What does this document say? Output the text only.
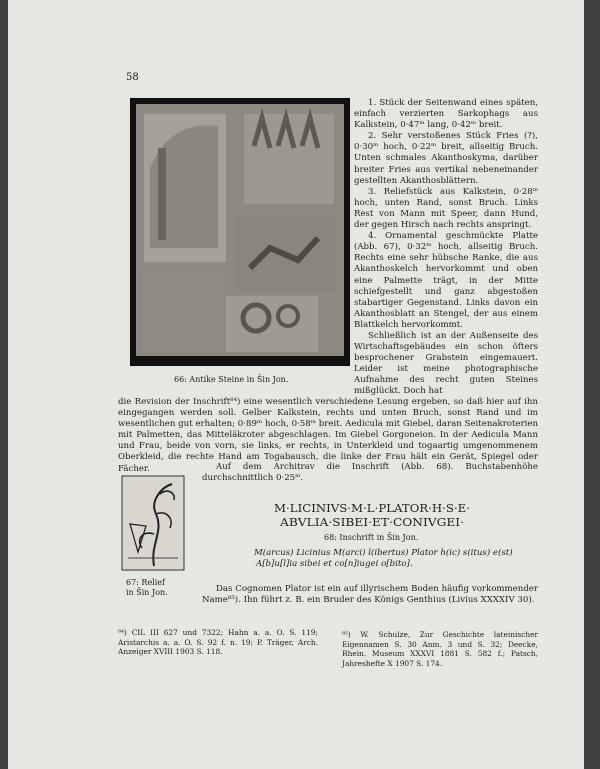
58
66: Antike Steine in Šin Jon.

1. Stück der Seitenwand eines späten, einfach verzierten Sarkophags aus Kalkstein, 0·47ᵐ lang, 0·42ᵐ breit.

2. Sehr verstoßenes Stück Fries (?), 0·30ᵐ hoch, 0·22ᵐ breit, allseitig Bruch. Unten schmales Akanthoskyma, darüber breiter Fries aus vertikal nebeneinander gestellten Akanthosblättern.

3. Reliefstück aus Kalkstein, 0·28ᵐ hoch, unten Rand, sonst Bruch. Links Rest von Mann mit Speer, dann Hund, der gegen Hirsch nach rechts anspringt.

4. Ornamental geschmückte Platte (Abb. 67), 0·32ᵐ hoch, allseitig Bruch. Rechts eine sehr hübsche Ranke, die aus Akanthoskelch hervorkommt und oben eine Palmette trägt, in der Mitte schiefgestellt und ganz abgestoßen stabartiger Gegenstand. Links davon ein Akanthosblatt an Stengel, der aus einem Blattkelch hervorkommt.

Schließlich ist an der Außenseite des Wirtschaftsgebäudes ein schon öfters besprochener Grabstein eingemauert. Leider ist meine photographische Aufnahme des recht guten Steines mißglückt. Doch hat

die Revision der Inschrift⁸⁴) eine wesentlich verschiedene Lesung ergeben, so daß hier auf ihn eingegangen werden soll. Gelber Kalkstein, rechts und unten Bruch, sonst Rand und im wesentlichen gut erhalten; 0·89ᵐ hoch, 0·58ᵐ breit. Aedicula mit Giebel, daran Seitenakroterien mit Palmetten, das Mitteläkroter abgeschlagen. Im Giebel Gorgoneion. In der Aedicula Mann und Frau, beide von vorn, sie links, er rechts, in Unterkleid und togaartig umgenommenem Oberkleid, die rechte Hand am Togabausch, die linke der Frau hält ein Gerät, Spiegel oder Fächer.	Auf dem Architrav die Inschrift (Abb. 68). Buchstabenhöhe durchschnittlich 0·25ᵐ.

67: Relief
in Šin Jon.
M·LICINIVS·M·L·PLATOR·H·S·E·
ABVLIA·SIBEI·ET·CONIVGEI·
68: Inschrift in Šin Jon.
M(arcus) Licinius M(arci) l(ibertus) Plator h(ic) s(itus) e(st)
A[b]u[l]ia sibei et co[n]iugei o[bito].

Das Cognomen Plator ist ein auf illyrischem Boden häufig vorkommender Name⁸⁵). Ihn führt z. B. ein Bruder des Königs Genthius (Livius XXXXIV 30).

⁸⁴) CIL III 627 und 7322; Hahn a. a. O. S. 119; Aristarchis a. a. O. S. 92 f. n. 19; P. Träger, Arch. Anzeiger XVIII 1903 S. 118.
⁸⁵) W. Schulze, Zur Geschichte lateinischer Eigennamen S. 30 Anm. 3 und S. 32; Deecke, Rhein. Museum XXXVI 1881 S. 582 f.; Patsch, Jahreshefte X 1907 S. 174.
